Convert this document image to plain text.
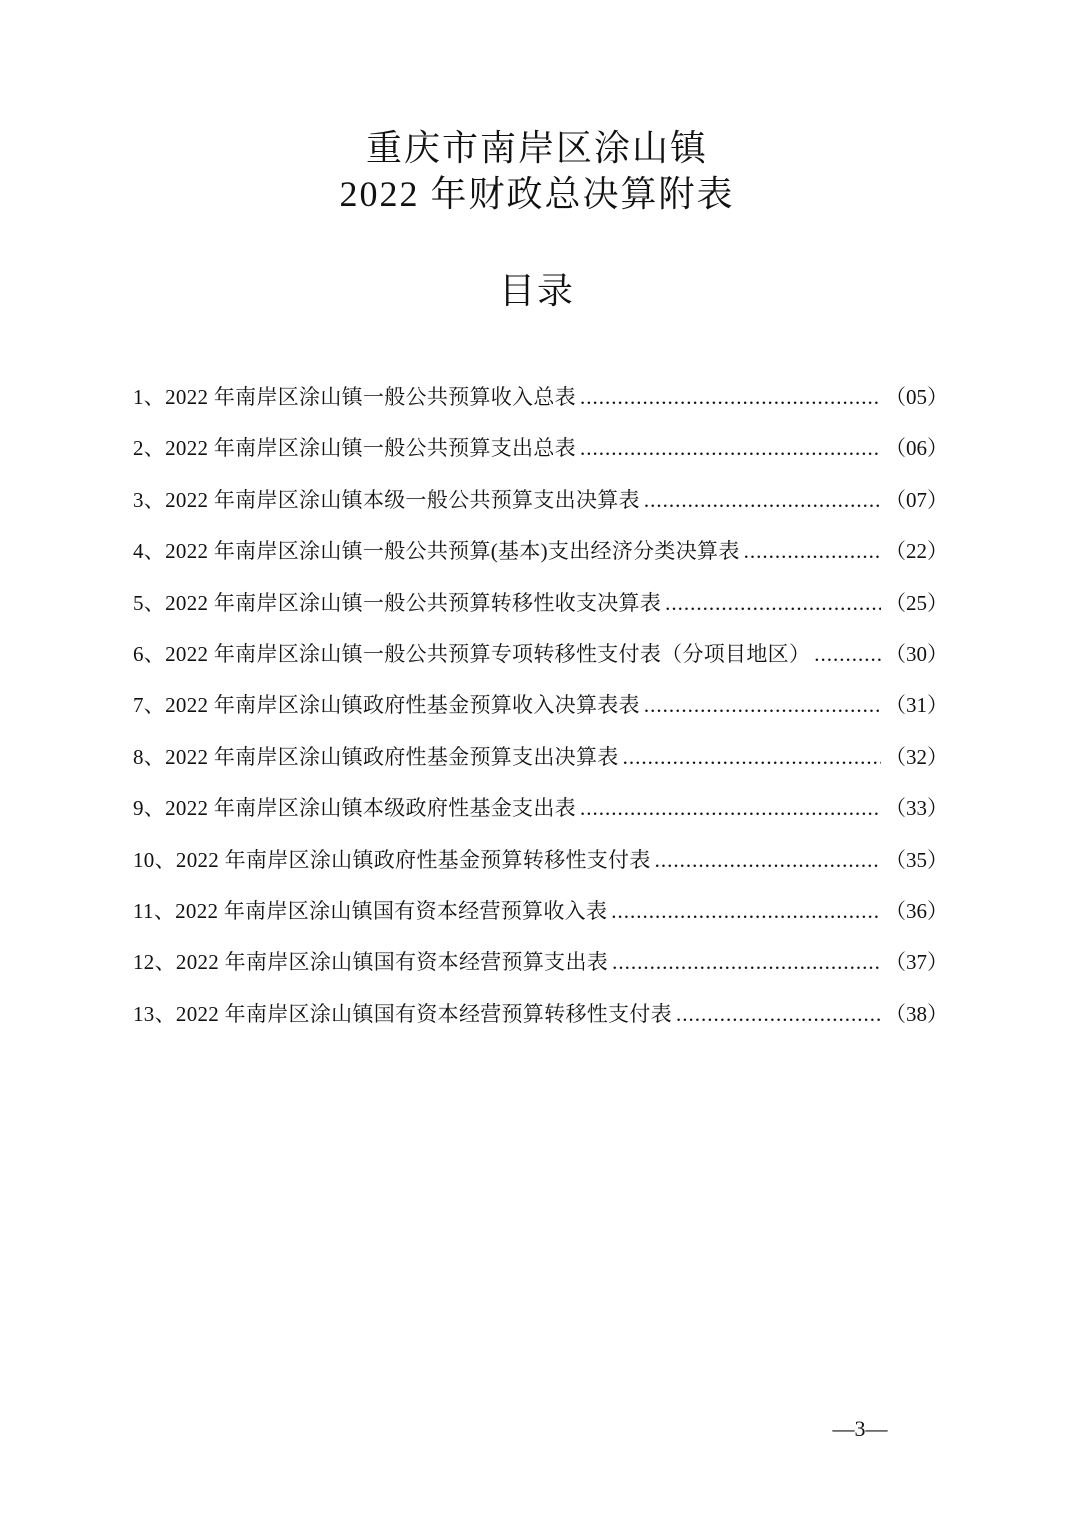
重庆市南岸区涂山镇
2022 年财政总决算附表
目录
1、2022 年南岸区涂山镇一般公共预算收入总表 .....	（05）
2、2022 年南岸区涂山镇一般公共预算支出总表 .....	（06）
3、2022 年南岸区涂山镇本级一般公共预算支出决算表 .....	（07）
4、2022 年南岸区涂山镇一般公共预算(基本)支出经济分类决算表 .....	（22）
5、2022 年南岸区涂山镇一般公共预算转移性收支决算表 .....	（25）
6、2022 年南岸区涂山镇一般公共预算专项转移性支付表（分项目地区） .....	（30）
7、2022 年南岸区涂山镇政府性基金预算收入决算表表 .....	（31）
8、2022 年南岸区涂山镇政府性基金预算支出决算表 .....	（32）
9、2022 年南岸区涂山镇本级政府性基金支出表 .....	（33）
10、2022 年南岸区涂山镇政府性基金预算转移性支付表 .....	（35）
11、2022 年南岸区涂山镇国有资本经营预算收入表 .....	（36）
12、2022 年南岸区涂山镇国有资本经营预算支出表 .....	（37）
13、2022 年南岸区涂山镇国有资本经营预算转移性支付表 .....	（38）

—3—
